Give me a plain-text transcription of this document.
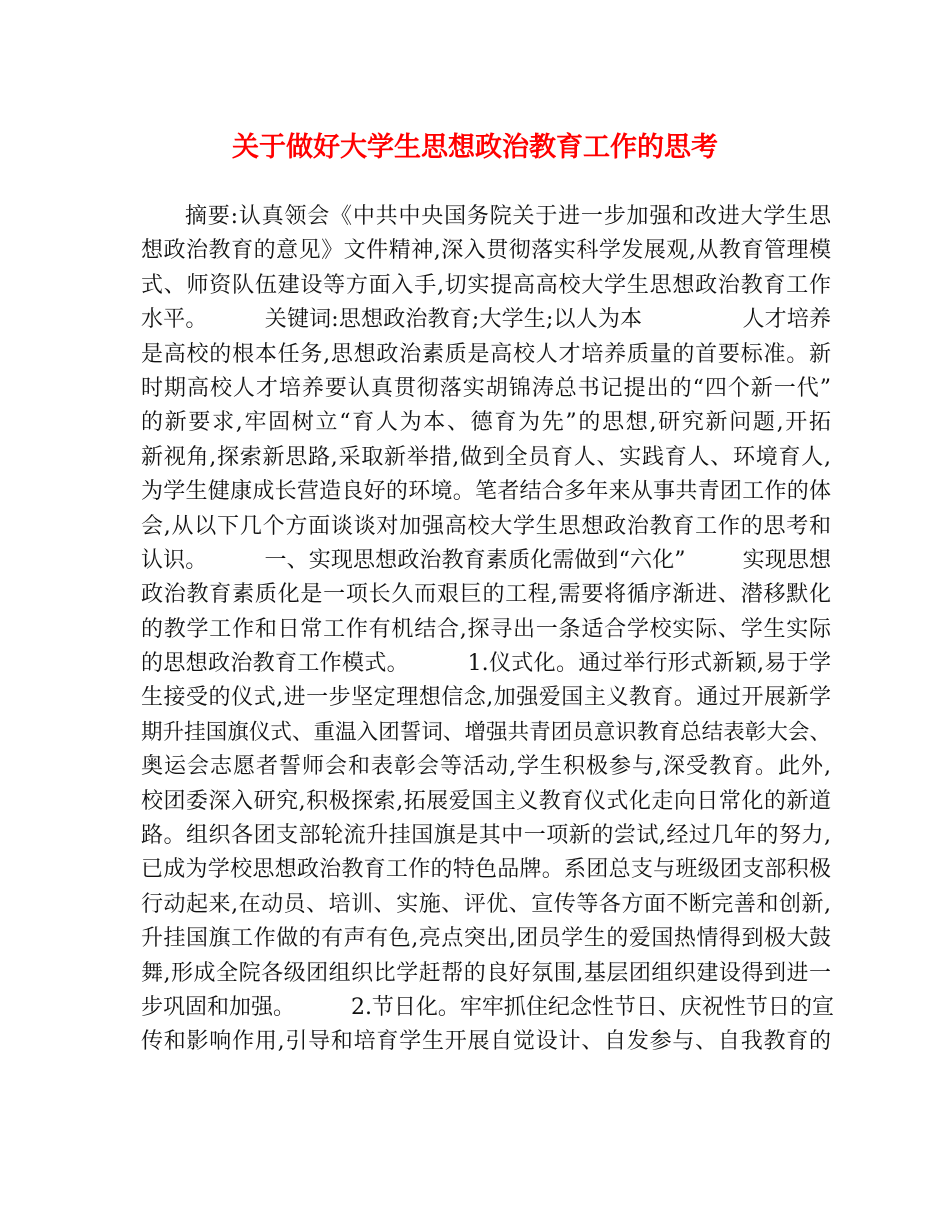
关于做好大学生思想政治教育工作的思考
摘要:认真领会《中共中央国务院关于进一步加强和改进大学生思
想政治教育的意见》文件精神,深入贯彻落实科学发展观,从教育管理模
式、师资队伍建设等方面入手,切实提高高校大学生思想政治教育工作
水平。        关键词:思想政治教育;大学生;以人为本              人才培养
是高校的根本任务,思想政治素质是高校人才培养质量的首要标准。新
时期高校人才培养要认真贯彻落实胡锦涛总书记提出的“四个新一代”
的新要求,牢固树立“育人为本、德育为先”的思想,研究新问题,开拓
新视角,探索新思路,采取新举措,做到全员育人、实践育人、环境育人,
为学生健康成长营造良好的环境。笔者结合多年来从事共青团工作的体
会,从以下几个方面谈谈对加强高校大学生思想政治教育工作的思考和
认识。        一、实现思想政治教育素质化需做到“六化”        实现思想
政治教育素质化是一项长久而艰巨的工程,需要将循序渐进、潜移默化
的教学工作和日常工作有机结合,探寻出一条适合学校实际、学生实际
的思想政治教育工作模式。        1.仪式化。通过举行形式新颖,易于学
生接受的仪式,进一步坚定理想信念,加强爱国主义教育。通过开展新学
期升挂国旗仪式、重温入团誓词、增强共青团员意识教育总结表彰大会、
奥运会志愿者誓师会和表彰会等活动,学生积极参与,深受教育。此外,
校团委深入研究,积极探索,拓展爱国主义教育仪式化走向日常化的新道
路。组织各团支部轮流升挂国旗是其中一项新的尝试,经过几年的努力,
已成为学校思想政治教育工作的特色品牌。系团总支与班级团支部积极
行动起来,在动员、培训、实施、评优、宣传等各方面不断完善和创新,
升挂国旗工作做的有声有色,亮点突出,团员学生的爱国热情得到极大鼓
舞,形成全院各级团组织比学赶帮的良好氛围,基层团组织建设得到进一
步巩固和加强。        2.节日化。牢牢抓住纪念性节日、庆祝性节日的宣
传和影响作用,引导和培育学生开展自觉设计、自发参与、自我教育的
